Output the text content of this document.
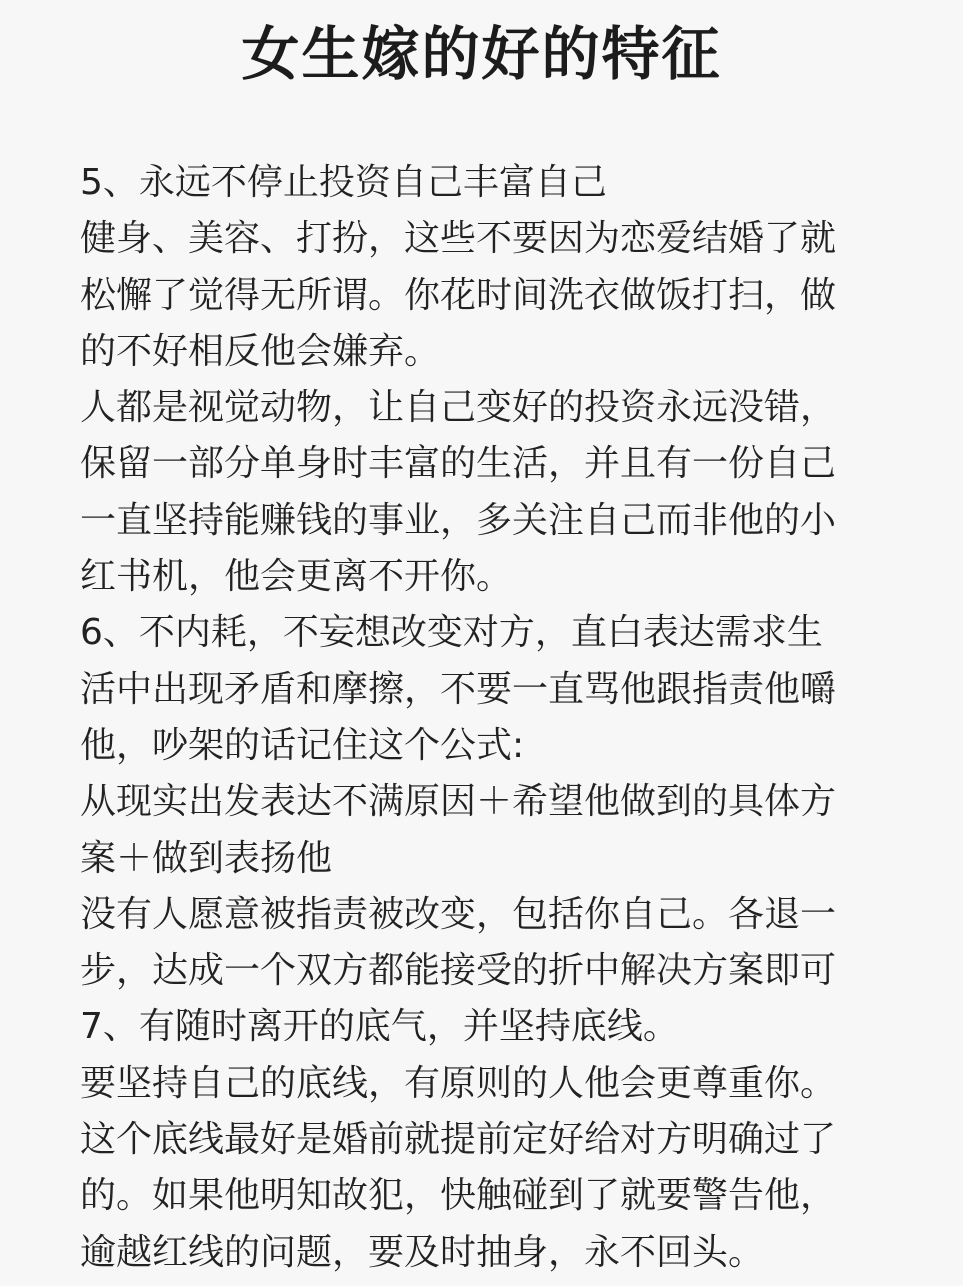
女生嫁的好的特征
5、永远不停止投资自己丰富自己
健身、美容、打扮，这些不要因为恋爱结婚了就
松懈了觉得无所谓。你花时间洗衣做饭打扫，做
的不好相反他会嫌弃。
人都是视觉动物，让自己变好的投资永远没错，
保留一部分单身时丰富的生活，并且有一份自己
一直坚持能赚钱的事业，多关注自己而非他的小
红书机，他会更离不开你。
6、不内耗，不妄想改变对方，直白表达需求生
活中出现矛盾和摩擦，不要一直骂他跟指责他嚼
他，吵架的话记住这个公式:
从现实出发表达不满原因＋希望他做到的具体方
案＋做到表扬他
没有人愿意被指责被改变，包括你自己。各退一
步，达成一个双方都能接受的折中解决方案即可
7、有随时离开的底气，并坚持底线。
要坚持自己的底线，有原则的人他会更尊重你。
这个底线最好是婚前就提前定好给对方明确过了
的。如果他明知故犯，快触碰到了就要警告他，
逾越红线的问题，要及时抽身，永不回头。
